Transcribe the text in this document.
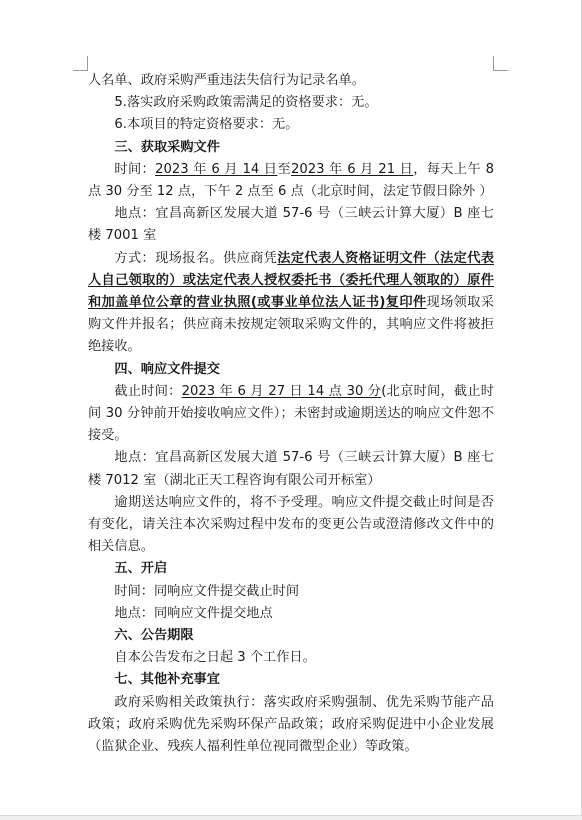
人名单、政府采购严重违法失信行为记录名单。

5.落实政府采购政策需满足的资格要求：无。

6.本项目的特定资格要求：无。

三、获取采购文件

时间：2023 年 6 月 14 日至2023 年 6 月 21 日，每天上午 8 点 30 分至 12 点，下午 2 点至 6 点（北京时间，法定节假日除外 ）

地点：宜昌高新区发展大道 57-6 号（三峡云计算大厦）B 座七楼 7001 室

方式：现场报名。供应商凭法定代表人资格证明文件（法定代表人自己领取的）或法定代表人授权委托书（委托代理人领取的）原件和加盖单位公章的营业执照(或事业单位法人证书)复印件现场领取采购文件并报名；供应商未按规定领取采购文件的，其响应文件将被拒绝接收。

四、响应文件提交

截止时间：2023 年 6 月 27 日 14 点 30 分(北京时间，截止时间 30 分钟前开始接收响应文件）；未密封或逾期送达的响应文件恕不接受。

地点：宜昌高新区发展大道 57-6 号（三峡云计算大厦）B 座七楼 7012 室（湖北正天工程咨询有限公司开标室）

逾期送达响应文件的，将不予受理。响应文件提交截止时间是否有变化，请关注本次采购过程中发布的变更公告或澄清修改文件中的相关信息。

五、开启

时间：同响应文件提交截止时间

地点：同响应文件提交地点

六、公告期限

自本公告发布之日起 3 个工作日。

七、其他补充事宜

政府采购相关政策执行：落实政府采购强制、优先采购节能产品政策；政府采购优先采购环保产品政策；政府采购促进中小企业发展（监狱企业、残疾人福利性单位视同微型企业）等政策。
